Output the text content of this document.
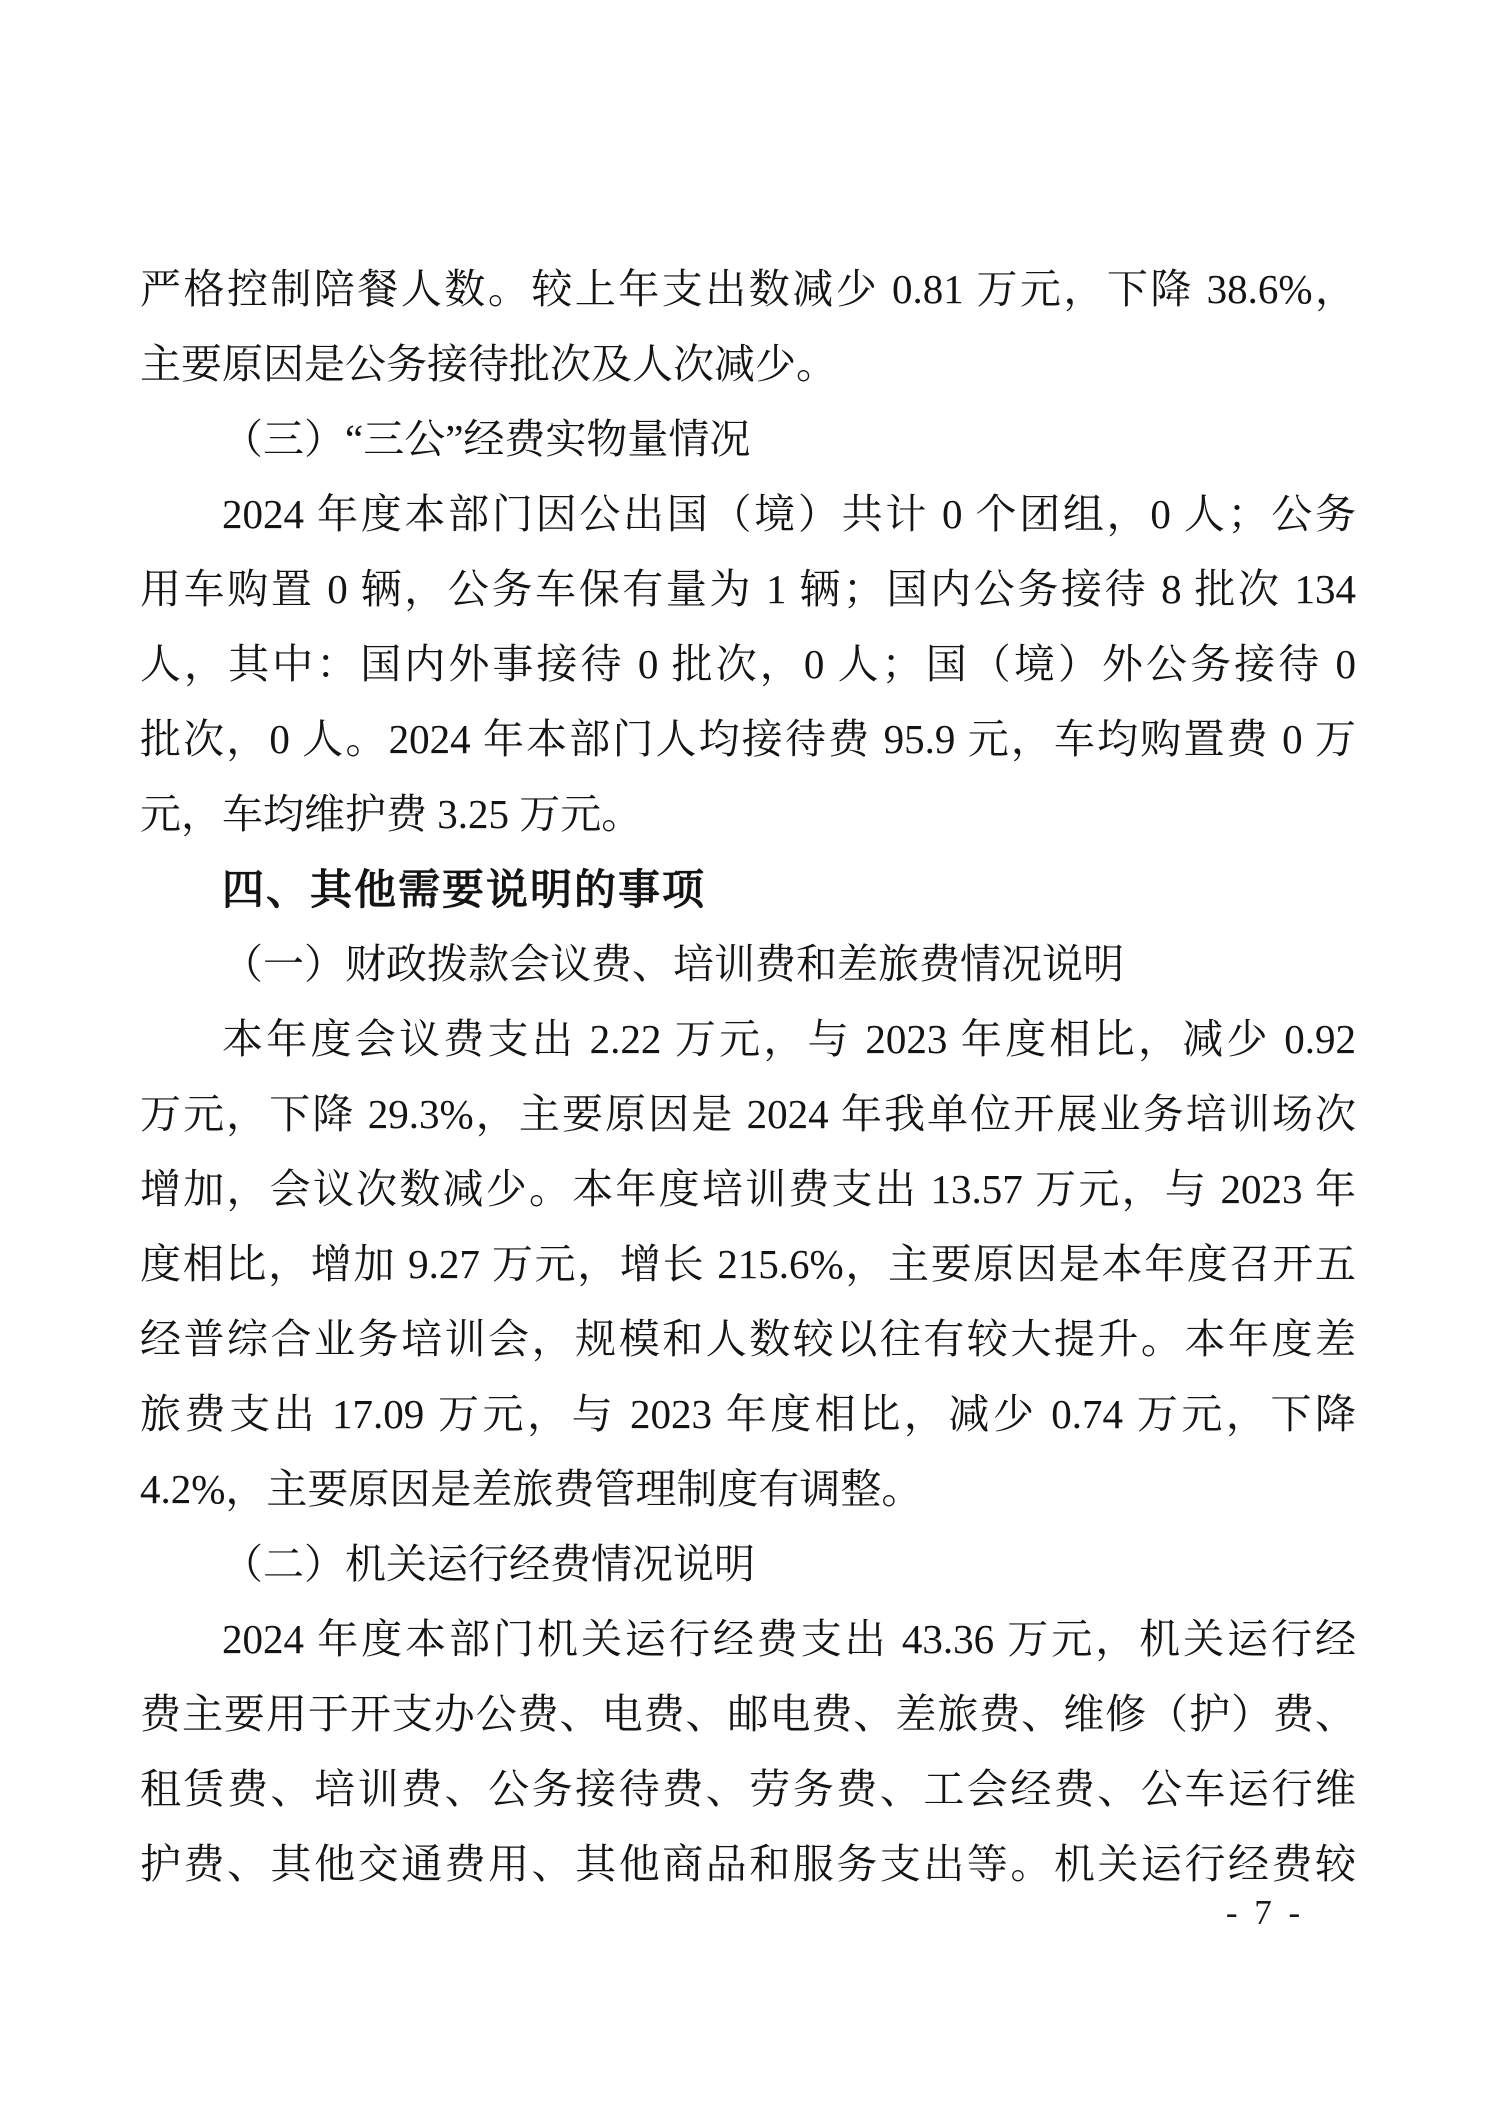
严格控制陪餐人数。较上年支出数减少 0.81 万元，下降 38.6%，
主要原因是公务接待批次及人次减少。
（三）“三公”经费实物量情况
2024 年度本部门因公出国（境）共计 0 个团组，0 人；公务
用车购置 0 辆，公务车保有量为 1 辆；国内公务接待 8 批次 134
人，其中：国内外事接待 0 批次，0 人；国（境）外公务接待 0
批次，0 人。2024 年本部门人均接待费 95.9 元，车均购置费 0 万
元，车均维护费 3.25 万元。
四、其他需要说明的事项
（一）财政拨款会议费、培训费和差旅费情况说明
本年度会议费支出 2.22 万元，与 2023 年度相比，减少 0.92
万元，下降 29.3%，主要原因是 2024 年我单位开展业务培训场次
增加，会议次数减少。本年度培训费支出 13.57 万元，与 2023 年
度相比，增加 9.27 万元，增长 215.6%，主要原因是本年度召开五
经普综合业务培训会，规模和人数较以往有较大提升。本年度差
旅费支出 17.09 万元，与 2023 年度相比，减少 0.74 万元，下降
4.2%，主要原因是差旅费管理制度有调整。
（二）机关运行经费情况说明
2024 年度本部门机关运行经费支出 43.36 万元，机关运行经
费主要用于开支办公费、电费、邮电费、差旅费、维修（护）费、
租赁费、培训费、公务接待费、劳务费、工会经费、公车运行维
护费、其他交通费用、其他商品和服务支出等。机关运行经费较
- 7 -
